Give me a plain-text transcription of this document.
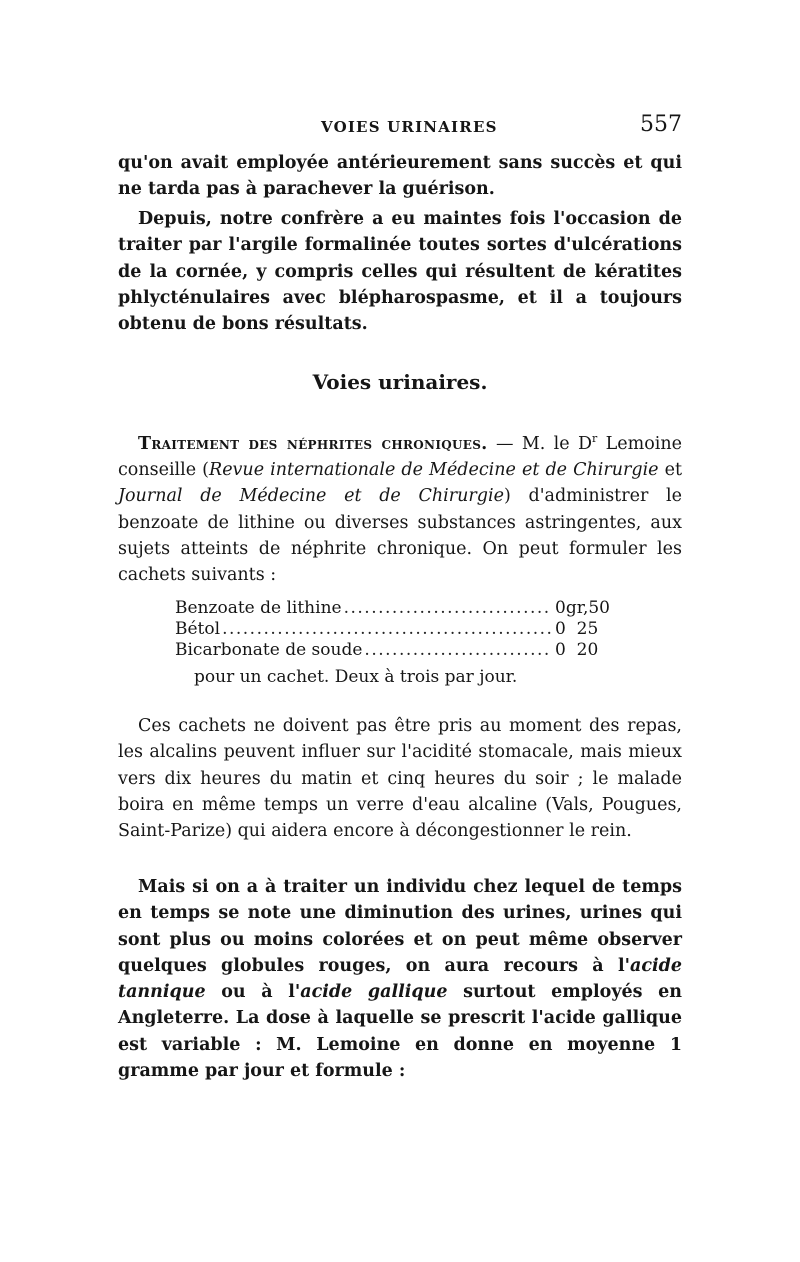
VOIES URINAIRES	557

qu'on avait employée antérieurement sans succès et qui ne tarda pas à parachever la guérison.

Depuis, notre confrère a eu maintes fois l'occasion de traiter par l'argile formalinée toutes sortes d'ulcérations de la cornée, y compris celles qui résultent de kératites phlycténulaires avec blépharospasme, et il a toujours obtenu de bons résultats.

Voies urinaires.

Traitement des néphrites chroniques. — M. le $D^r$ Lemoine conseille (Revue internationale de Médecine et de Chirurgie et Journal de Médecine et de Chirurgie) d'administrer le benzoate de lithine ou diverses substances astringentes, aux sujets atteints de néphrite chronique. On peut formuler les cachets suivants :

Benzoate de lithine .....	0gr,50
Bétol .....	0  25
Bicarbonate de soude .....	0  20
pour un cachet. Deux à trois par jour.

Ces cachets ne doivent pas être pris au moment des repas, les alcalins peuvent influer sur l'acidité stomacale, mais mieux vers dix heures du matin et cinq heures du soir ; le malade boira en même temps un verre d'eau alcaline (Vals, Pougues, Saint-Parize) qui aidera encore à décongestionner le rein.

Mais si on a à traiter un individu chez lequel de temps en temps se note une diminution des urines, urines qui sont plus ou moins colorées et on peut même observer quelques globules rouges, on aura recours à l'acide tannique ou à l'acide gallique surtout employés en Angleterre. La dose à laquelle se prescrit l'acide gallique est variable : M. Lemoine en donne en moyenne 1 gramme par jour et formule :
